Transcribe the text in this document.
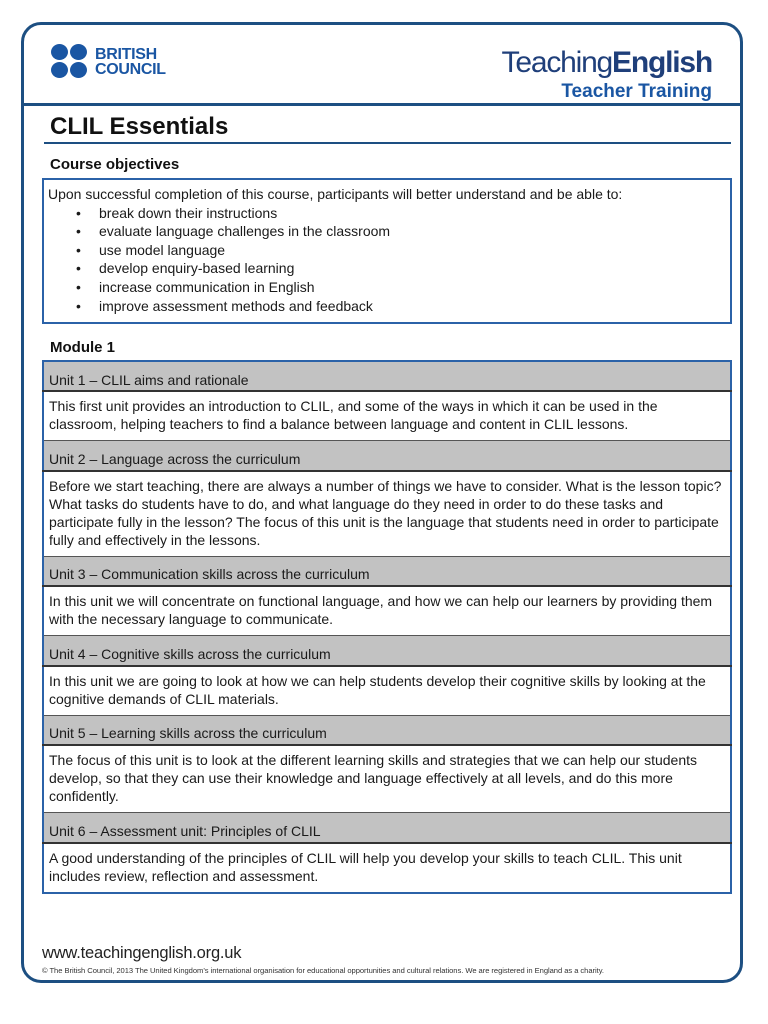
BRITISH
COUNCIL	TeachingEnglish
Teacher Training
CLIL Essentials
Course objectives
Upon successful completion of this course, participants will better understand and be able to:
• break down their instructions
• evaluate language challenges in the classroom
• use model language
• develop enquiry-based learning
• increase communication in English
• improve assessment methods and feedback
Module 1
Unit 1 – CLIL aims and rationale
This first unit provides an introduction to CLIL, and some of the ways in which it can be used in the classroom, helping teachers to find a balance between language and content in CLIL lessons.
Unit 2 – Language across the curriculum
Before we start teaching, there are always a number of things we have to consider. What is the lesson topic? What tasks do students have to do, and what language do they need in order to do these tasks and participate fully in the lesson? The focus of this unit is the language that students need in order to participate fully and effectively in the lessons.
Unit 3 – Communication skills across the curriculum
In this unit we will concentrate on functional language, and how we can help our learners by providing them with the necessary language to communicate.
Unit 4 – Cognitive skills across the curriculum
In this unit we are going to look at how we can help students develop their cognitive skills by looking at the cognitive demands of CLIL materials.
Unit 5 – Learning skills across the curriculum
The focus of this unit is to look at the different learning skills and strategies that we can help our students develop, so that they can use their knowledge and language effectively at all levels, and do this more confidently.
Unit 6 – Assessment unit: Principles of CLIL
A good understanding of the principles of CLIL will help you develop your skills to teach CLIL. This unit includes review, reflection and assessment.
www.teachingenglish.org.uk
© The British Council, 2013 The United Kingdom’s international organisation for educational opportunities and cultural relations. We are registered in England as a charity.
